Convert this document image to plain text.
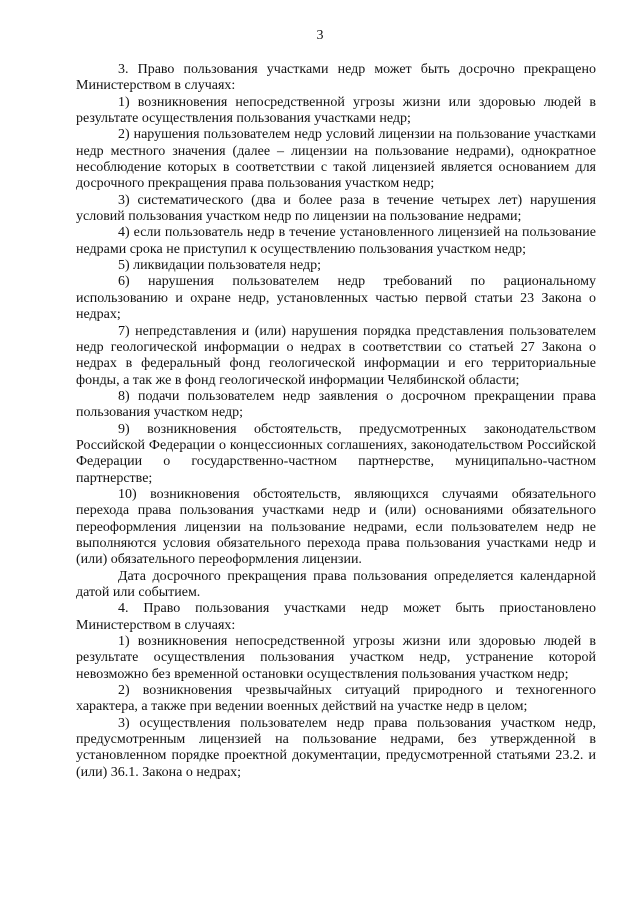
3

3. Право пользования участками недр может быть досрочно прекращено Министерством в случаях:

1) возникновения непосредственной угрозы жизни или здоровью людей в результате осуществления пользования участками недр;

2) нарушения пользователем недр условий лицензии на пользование участками недр местного значения (далее – лицензии на пользование недрами), однократное несоблюдение которых в соответствии с такой лицензией является основанием для досрочного прекращения права пользования участком недр;

3) систематического (два и более раза в течение четырех лет) нарушения условий пользования участком недр по лицензии на пользование недрами;

4) если пользователь недр в течение установленного лицензией на пользование недрами срока не приступил к осуществлению пользования участком недр;

5) ликвидации пользователя недр;

6) нарушения пользователем недр требований по рациональному использованию и охране недр, установленных частью первой статьи 23 Закона о недрах;

7) непредставления и (или) нарушения порядка представления пользователем недр геологической информации о недрах в соответствии со статьей 27 Закона о недрах в федеральный фонд геологической информации и его территориальные фонды, а так же в фонд геологической информации Челябинской области;

8) подачи пользователем недр заявления о досрочном прекращении права пользования участком недр;

9) возникновения обстоятельств, предусмотренных законодательством Российской Федерации о концессионных соглашениях, законодательством Российской Федерации о государственно-частном партнерстве, муниципально-частном партнерстве;

10) возникновения обстоятельств, являющихся случаями обязательного перехода права пользования участками недр и (или) основаниями обязательного переоформления лицензии на пользование недрами, если пользователем недр не выполняются условия обязательного перехода права пользования участками недр и (или) обязательного переоформления лицензии.

Дата досрочного прекращения права пользования определяется календарной датой или событием.

4. Право пользования участками недр может быть приостановлено Министерством в случаях:

1) возникновения непосредственной угрозы жизни или здоровью людей в результате осуществления пользования участком недр, устранение которой невозможно без временной остановки осуществления пользования участком недр;

2) возникновения чрезвычайных ситуаций природного и техногенного характера, а также при ведении военных действий на участке недр в целом;

3) осуществления пользователем недр права пользования участком недр, предусмотренным лицензией на пользование недрами, без утвержденной в установленном порядке проектной документации, предусмотренной статьями 23.2. и (или) 36.1. Закона о недрах;
